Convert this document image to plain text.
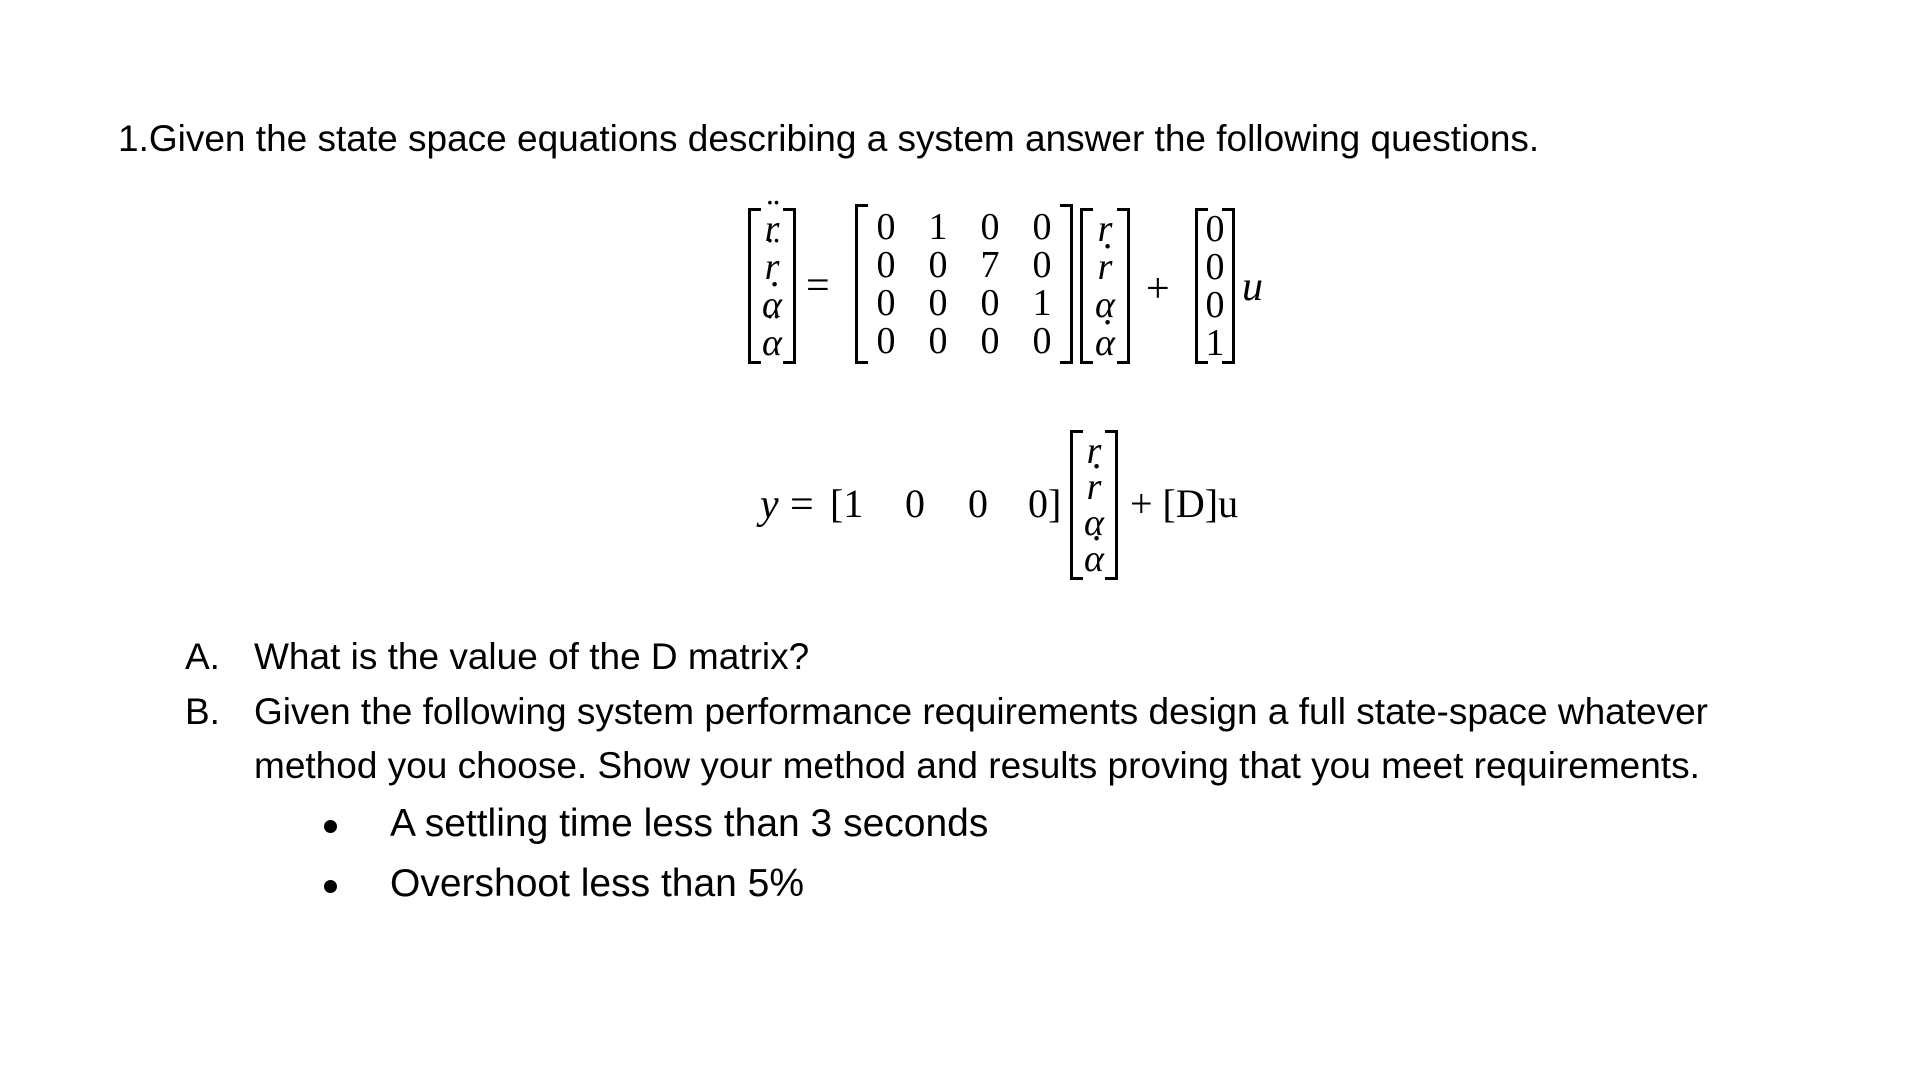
1.Given the state space equations describing a system answer the following questions.
¨ r
¨ r
· α
¨ α
=
0 1 0 0
0 0 7 0
0 0 0 1
0 0 0 0
r
· r
α
· α
+
0
0
0
1
u
y = [1 0 0 0]
r
· r
α
· α
+ [D]u
A. What is the value of the D matrix?
B. Given the following system performance requirements design a full state-space whatever
method you choose. Show your method and results proving that you meet requirements.
A settling time less than 3 seconds
Overshoot less than 5%
